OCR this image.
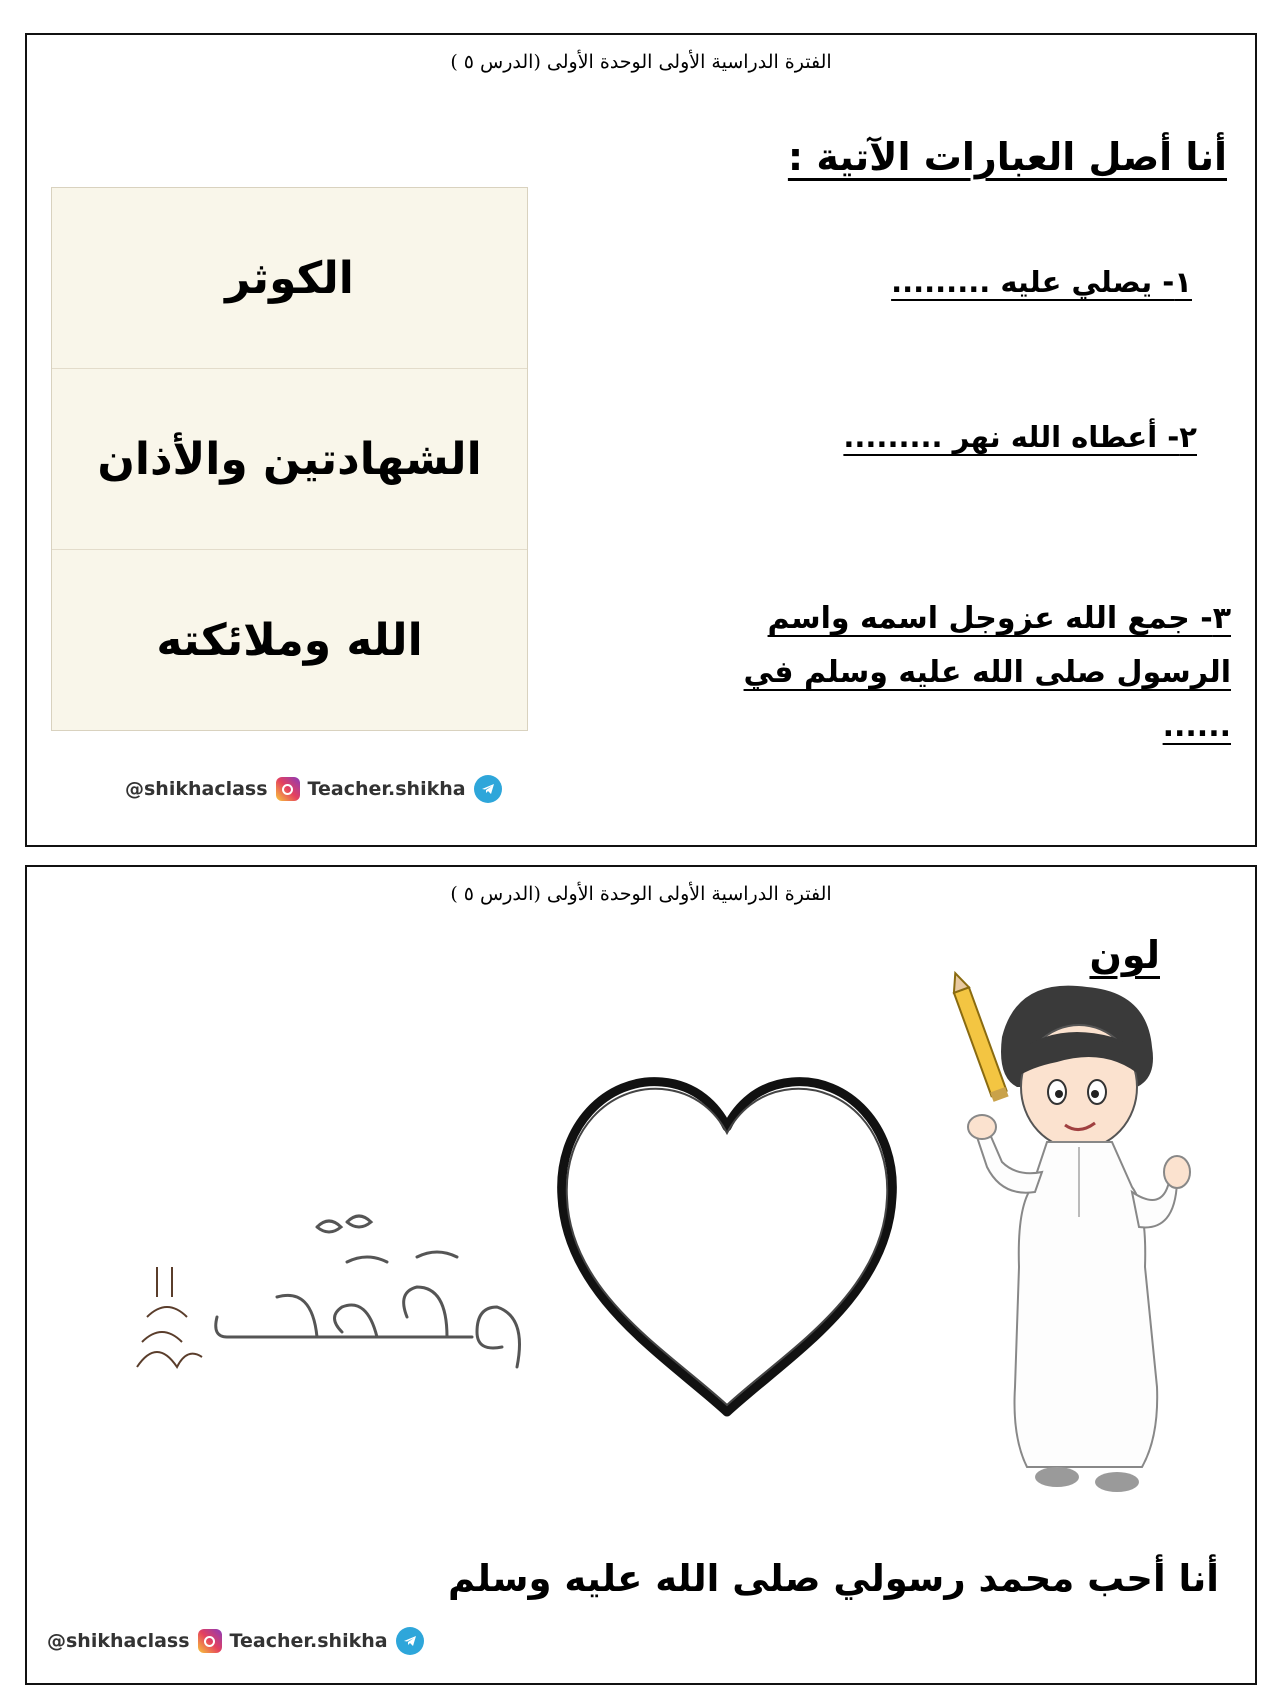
الفترة الدراسية الأولى الوحدة الأولى (الدرس ٥ )
أنا أصل العبارات الآتية :
١- يصلي عليه .........
٢- أعطاه الله نهر .........
٣- جمع الله عزوجل اسمه واسم الرسول صلى الله عليه وسلم في ......
الكوثر
الشهادتين والأذان
الله وملائكته
@shikhaclass Teacher.shikha
الفترة الدراسية الأولى الوحدة الأولى (الدرس ٥ )
لون
أنا أحب محمد رسولي صلى الله عليه وسلم
@shikhaclass Teacher.shikha
